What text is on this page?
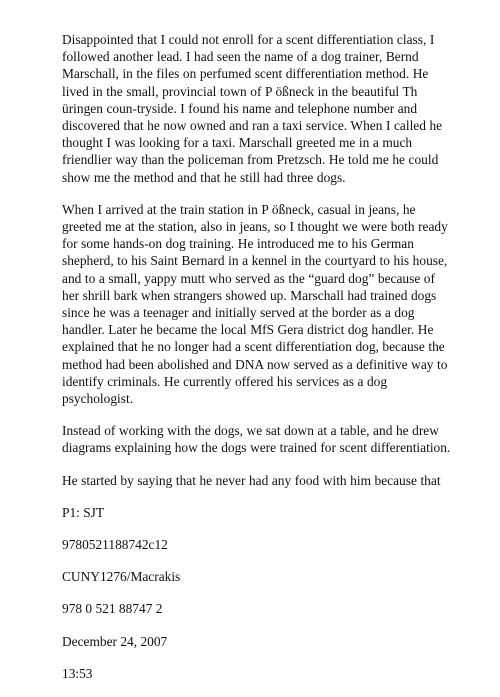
Disappointed that I could not enroll for a scent differentiation class, I followed another lead. I had seen the name of a dog trainer, Bernd Marschall, in the files on perfumed scent differentiation method. He lived in the small, provincial town of P ößneck in the beautiful Th üringen coun-tryside. I found his name and telephone number and discovered that he now owned and ran a taxi service. When I called he thought I was looking for a taxi. Marschall greeted me in a much friendlier way than the policeman from Pretzsch. He told me he could show me the method and that he still had three dogs.

When I arrived at the train station in P ößneck, casual in jeans, he greeted me at the station, also in jeans, so I thought we were both ready for some hands-on dog training. He introduced me to his German shepherd, to his Saint Bernard in a kennel in the courtyard to his house, and to a small, yappy mutt who served as the “guard dog” because of her shrill bark when strangers showed up. Marschall had trained dogs since he was a teenager and initially served at the border as a dog handler. Later he became the local MfS Gera district dog handler. He explained that he no longer had a scent differentiation dog, because the method had been abolished and DNA now served as a definitive way to identify criminals. He currently offered his services as a dog psychologist.

Instead of working with the dogs, we sat down at a table, and he drew diagrams explaining how the dogs were trained for scent differentiation.

He started by saying that he never had any food with him because that

P1: SJT

9780521188742c12

CUNY1276/Macrakis

978 0 521 88747 2

December 24, 2007

13:53
